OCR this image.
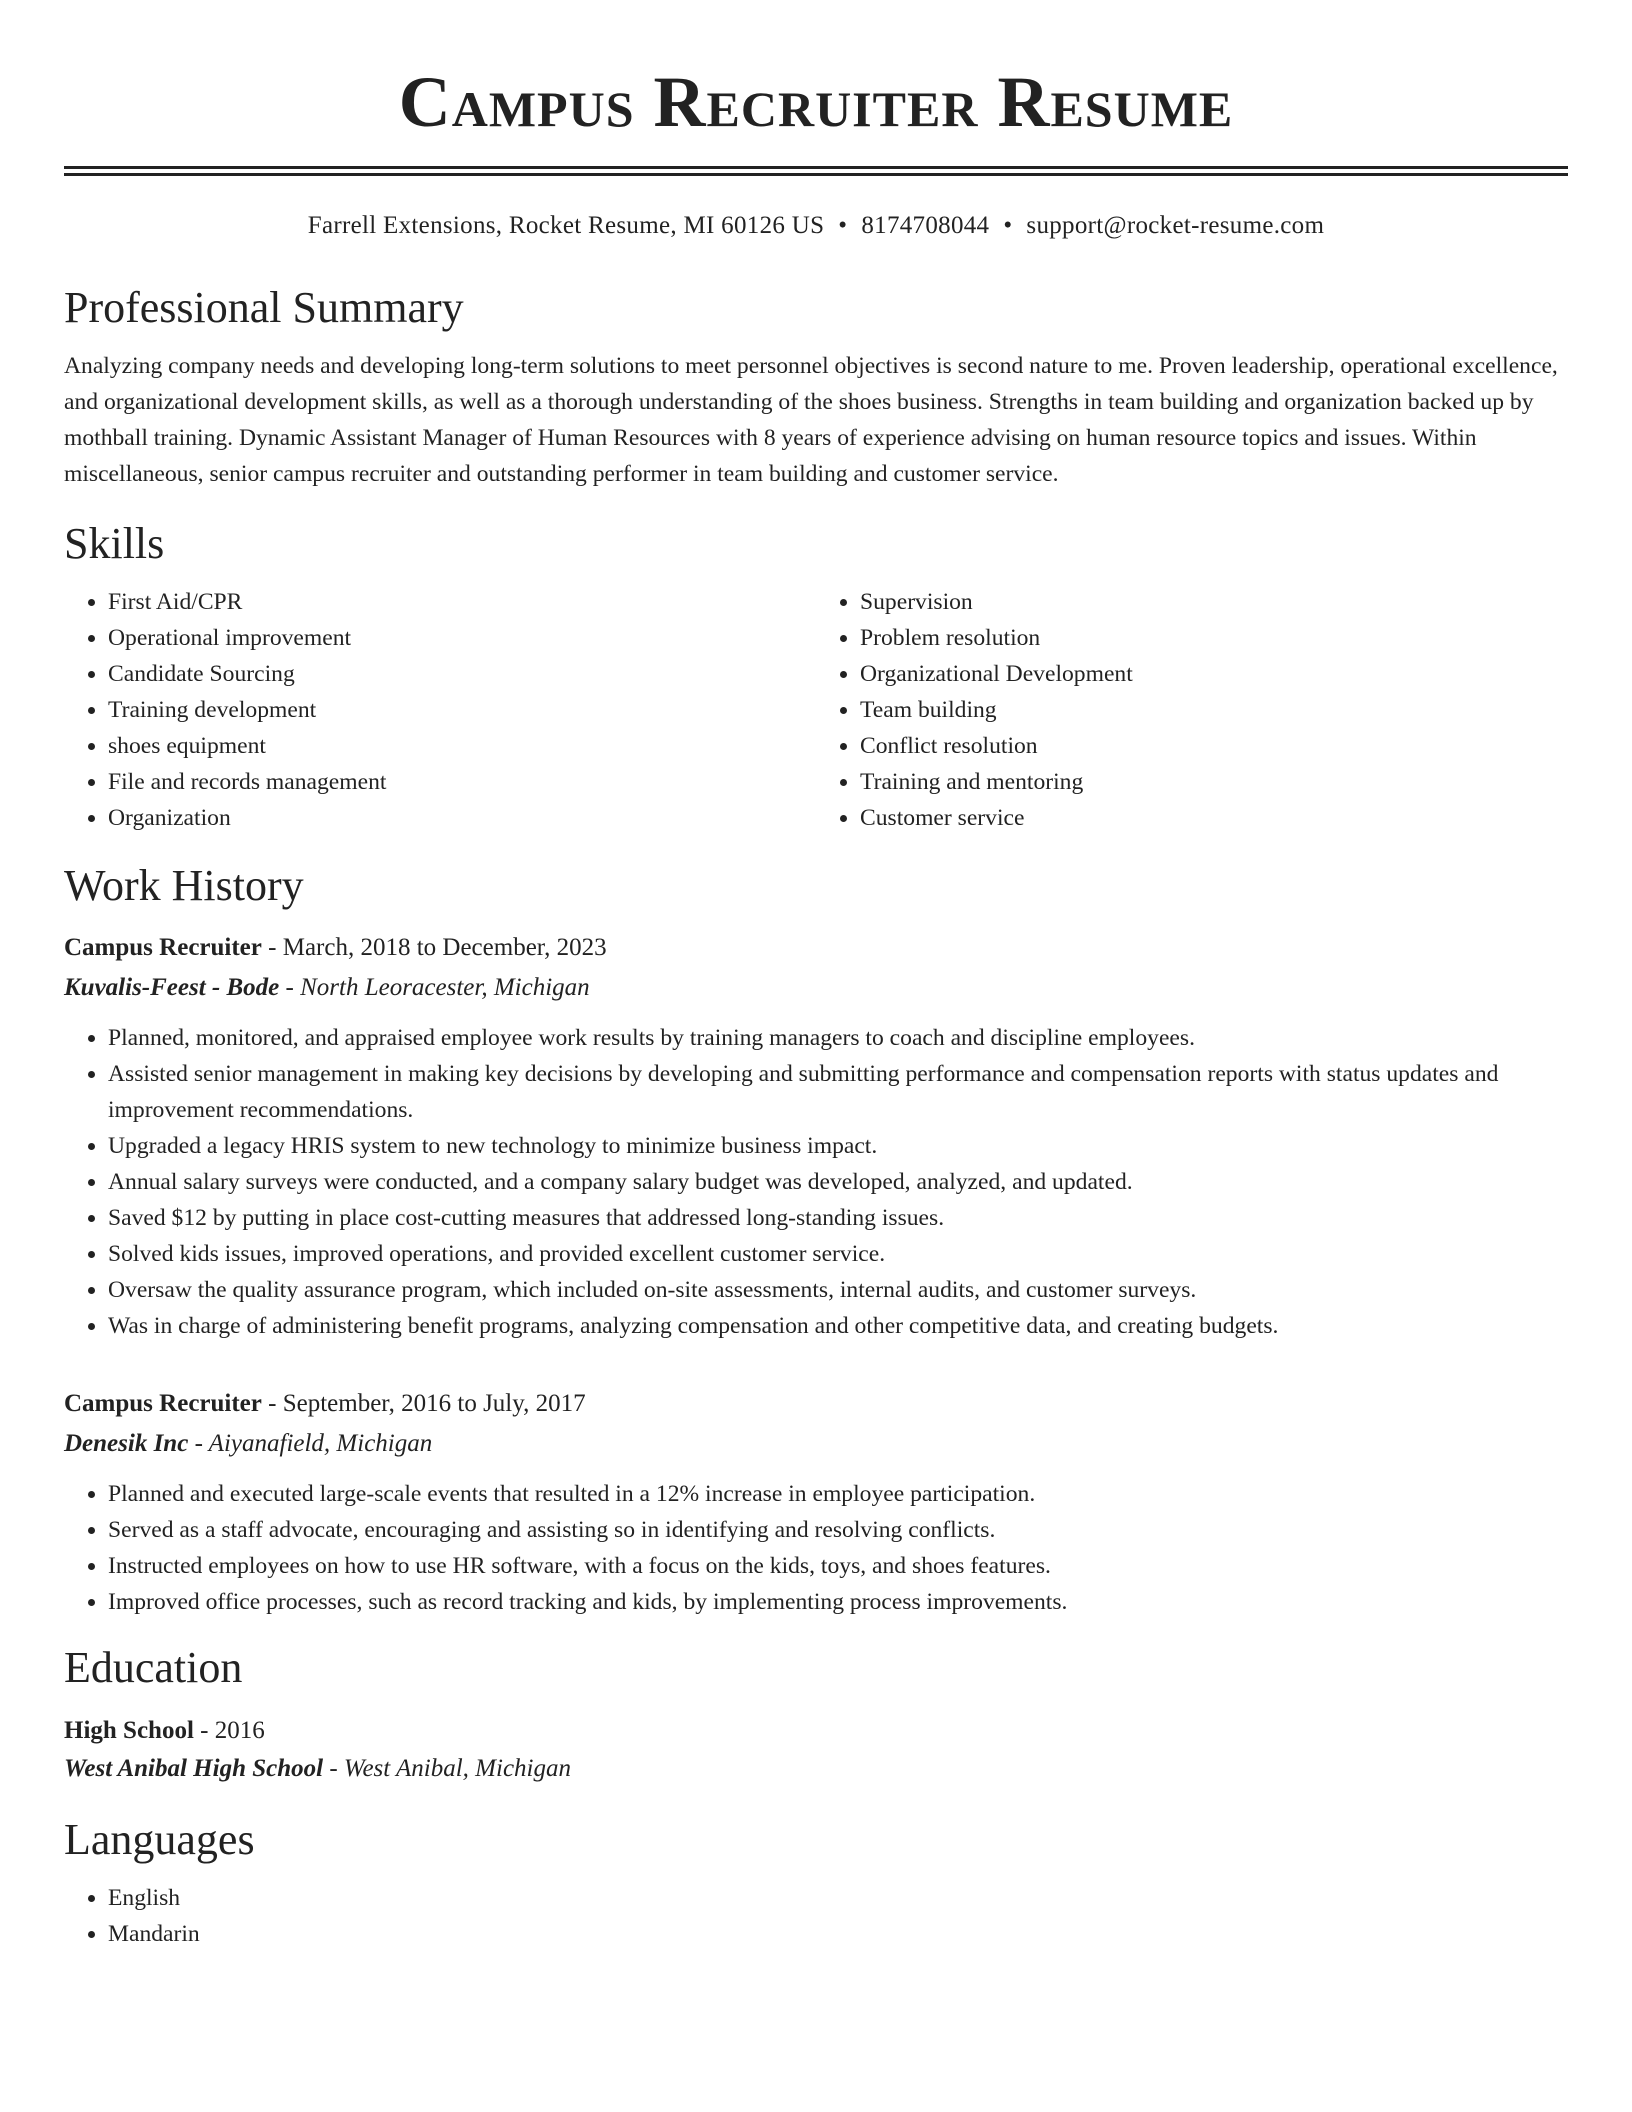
Campus Recruiter Resume
Farrell Extensions, Rocket Resume, MI 60126 US • 8174708044 • support@rocket-resume.com
Professional Summary

Analyzing company needs and developing long-term solutions to meet personnel objectives is second nature to me. Proven leadership, operational excellence, and organizational development skills, as well as a thorough understanding of the shoes business. Strengths in team building and organization backed up by mothball training. Dynamic Assistant Manager of Human Resources with 8 years of experience advising on human resource topics and issues. Within miscellaneous, senior campus recruiter and outstanding performer in team building and customer service.

Skills
• First Aid/CPR
• Operational improvement
• Candidate Sourcing
• Training development
• shoes equipment
• File and records management
• Organization
• Supervision
• Problem resolution
• Organizational Development
• Team building
• Conflict resolution
• Training and mentoring
• Customer service
Work History
Campus Recruiter - March, 2018 to December, 2023
Kuvalis-Feest - Bode - North Leoracester, Michigan
• Planned, monitored, and appraised employee work results by training managers to coach and discipline employees.
• Assisted senior management in making key decisions by developing and submitting performance and compensation reports with status updates and improvement recommendations.
• Upgraded a legacy HRIS system to new technology to minimize business impact.
• Annual salary surveys were conducted, and a company salary budget was developed, analyzed, and updated.
• Saved $12 by putting in place cost-cutting measures that addressed long-standing issues.
• Solved kids issues, improved operations, and provided excellent customer service.
• Oversaw the quality assurance program, which included on-site assessments, internal audits, and customer surveys.
• Was in charge of administering benefit programs, analyzing compensation and other competitive data, and creating budgets.
Campus Recruiter - September, 2016 to July, 2017
Denesik Inc - Aiyanafield, Michigan
• Planned and executed large-scale events that resulted in a 12% increase in employee participation.
• Served as a staff advocate, encouraging and assisting so in identifying and resolving conflicts.
• Instructed employees on how to use HR software, with a focus on the kids, toys, and shoes features.
• Improved office processes, such as record tracking and kids, by implementing process improvements.
Education
High School - 2016
West Anibal High School - West Anibal, Michigan
Languages
• English
• Mandarin
